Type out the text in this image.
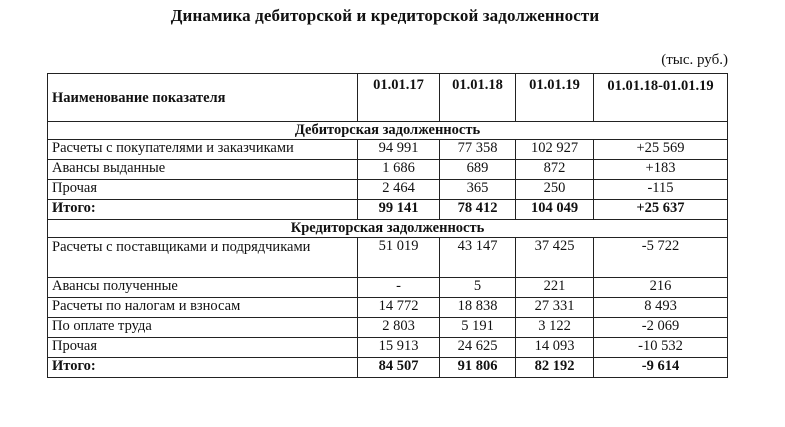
Динамика дебиторской и кредиторской задолженности
(тыс. руб.)
Наименование показателя	01.01.17	01.01.18	01.01.19	01.01.18-01.01.19
Дебиторская задолженность				
Расчеты с покупателями и заказчиками	94 991	77 358	102 927	+25 569
Авансы выданные	1 686	689	872	+183
Прочая	2 464	365	250	-115
Итого:	99 141	78 412	104 049	+25 637
Кредиторская задолженность				
Расчеты с поставщиками и подрядчиками	51 019	43 147	37 425	-5 722
Авансы полученные	-	5	221	216
Расчеты по налогам и взносам	14 772	18 838	27 331	8 493
По оплате труда	2 803	5 191	3 122	-2 069
Прочая	15 913	24 625	14 093	-10 532
Итого:	84 507	91 806	82 192	-9 614
